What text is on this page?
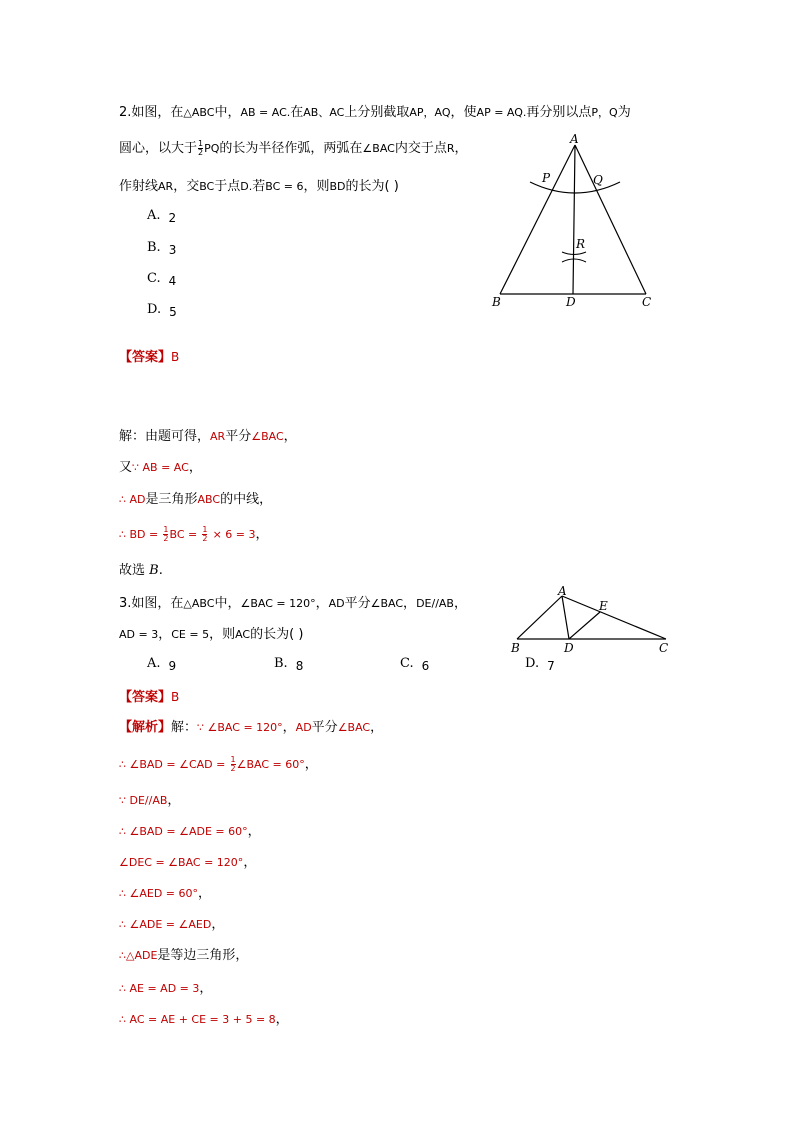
2.如图，在△ABC中，AB = AC.在AB、AC上分别截取AP，AQ，使AP = AQ.再分别以点P，Q为
圆心，以大于 $\frac{1}{2}$ PQ的长为半径作弧，两弧在∠BAC内交于点R，
作射线AR，交BC于点D.若BC = 6，则BD的长为( )
A. 2
B. 3
C. 4
D. 5
A
P	Q
R
B	D	C
【答案】B
解：由题可得，AR平分∠BAC，
又∵ AB = AC，
∴ AD是三角形ABC的中线，
∴ BD = $\frac{1}{2}$ BC = $\frac{1}{2} \times 6 = 3$，
故选 B.
3.如图，在△ABC中，∠BAC = 120°，AD平分∠BAC，DE//AB，
AD = 3，CE = 5，则AC的长为( )
A. 9	B. 8	C. 6	D. 7
A
E
B	D	C
【答案】B
【解析】解：∵ ∠BAC = 120°，AD平分∠BAC，
∴ ∠BAD = ∠CAD = $\frac{1}{2}$ ∠BAC = 60°，
∵ DE//AB，
∴ ∠BAD = ∠ADE = 60°，
∠DEC = ∠BAC = 120°，
∴ ∠AED = 60°，
∴ ∠ADE = ∠AED，
∴△ADE是等边三角形，
∴ AE = AD = 3，
∴ AC = AE + CE = 3 + 5 = 8，
